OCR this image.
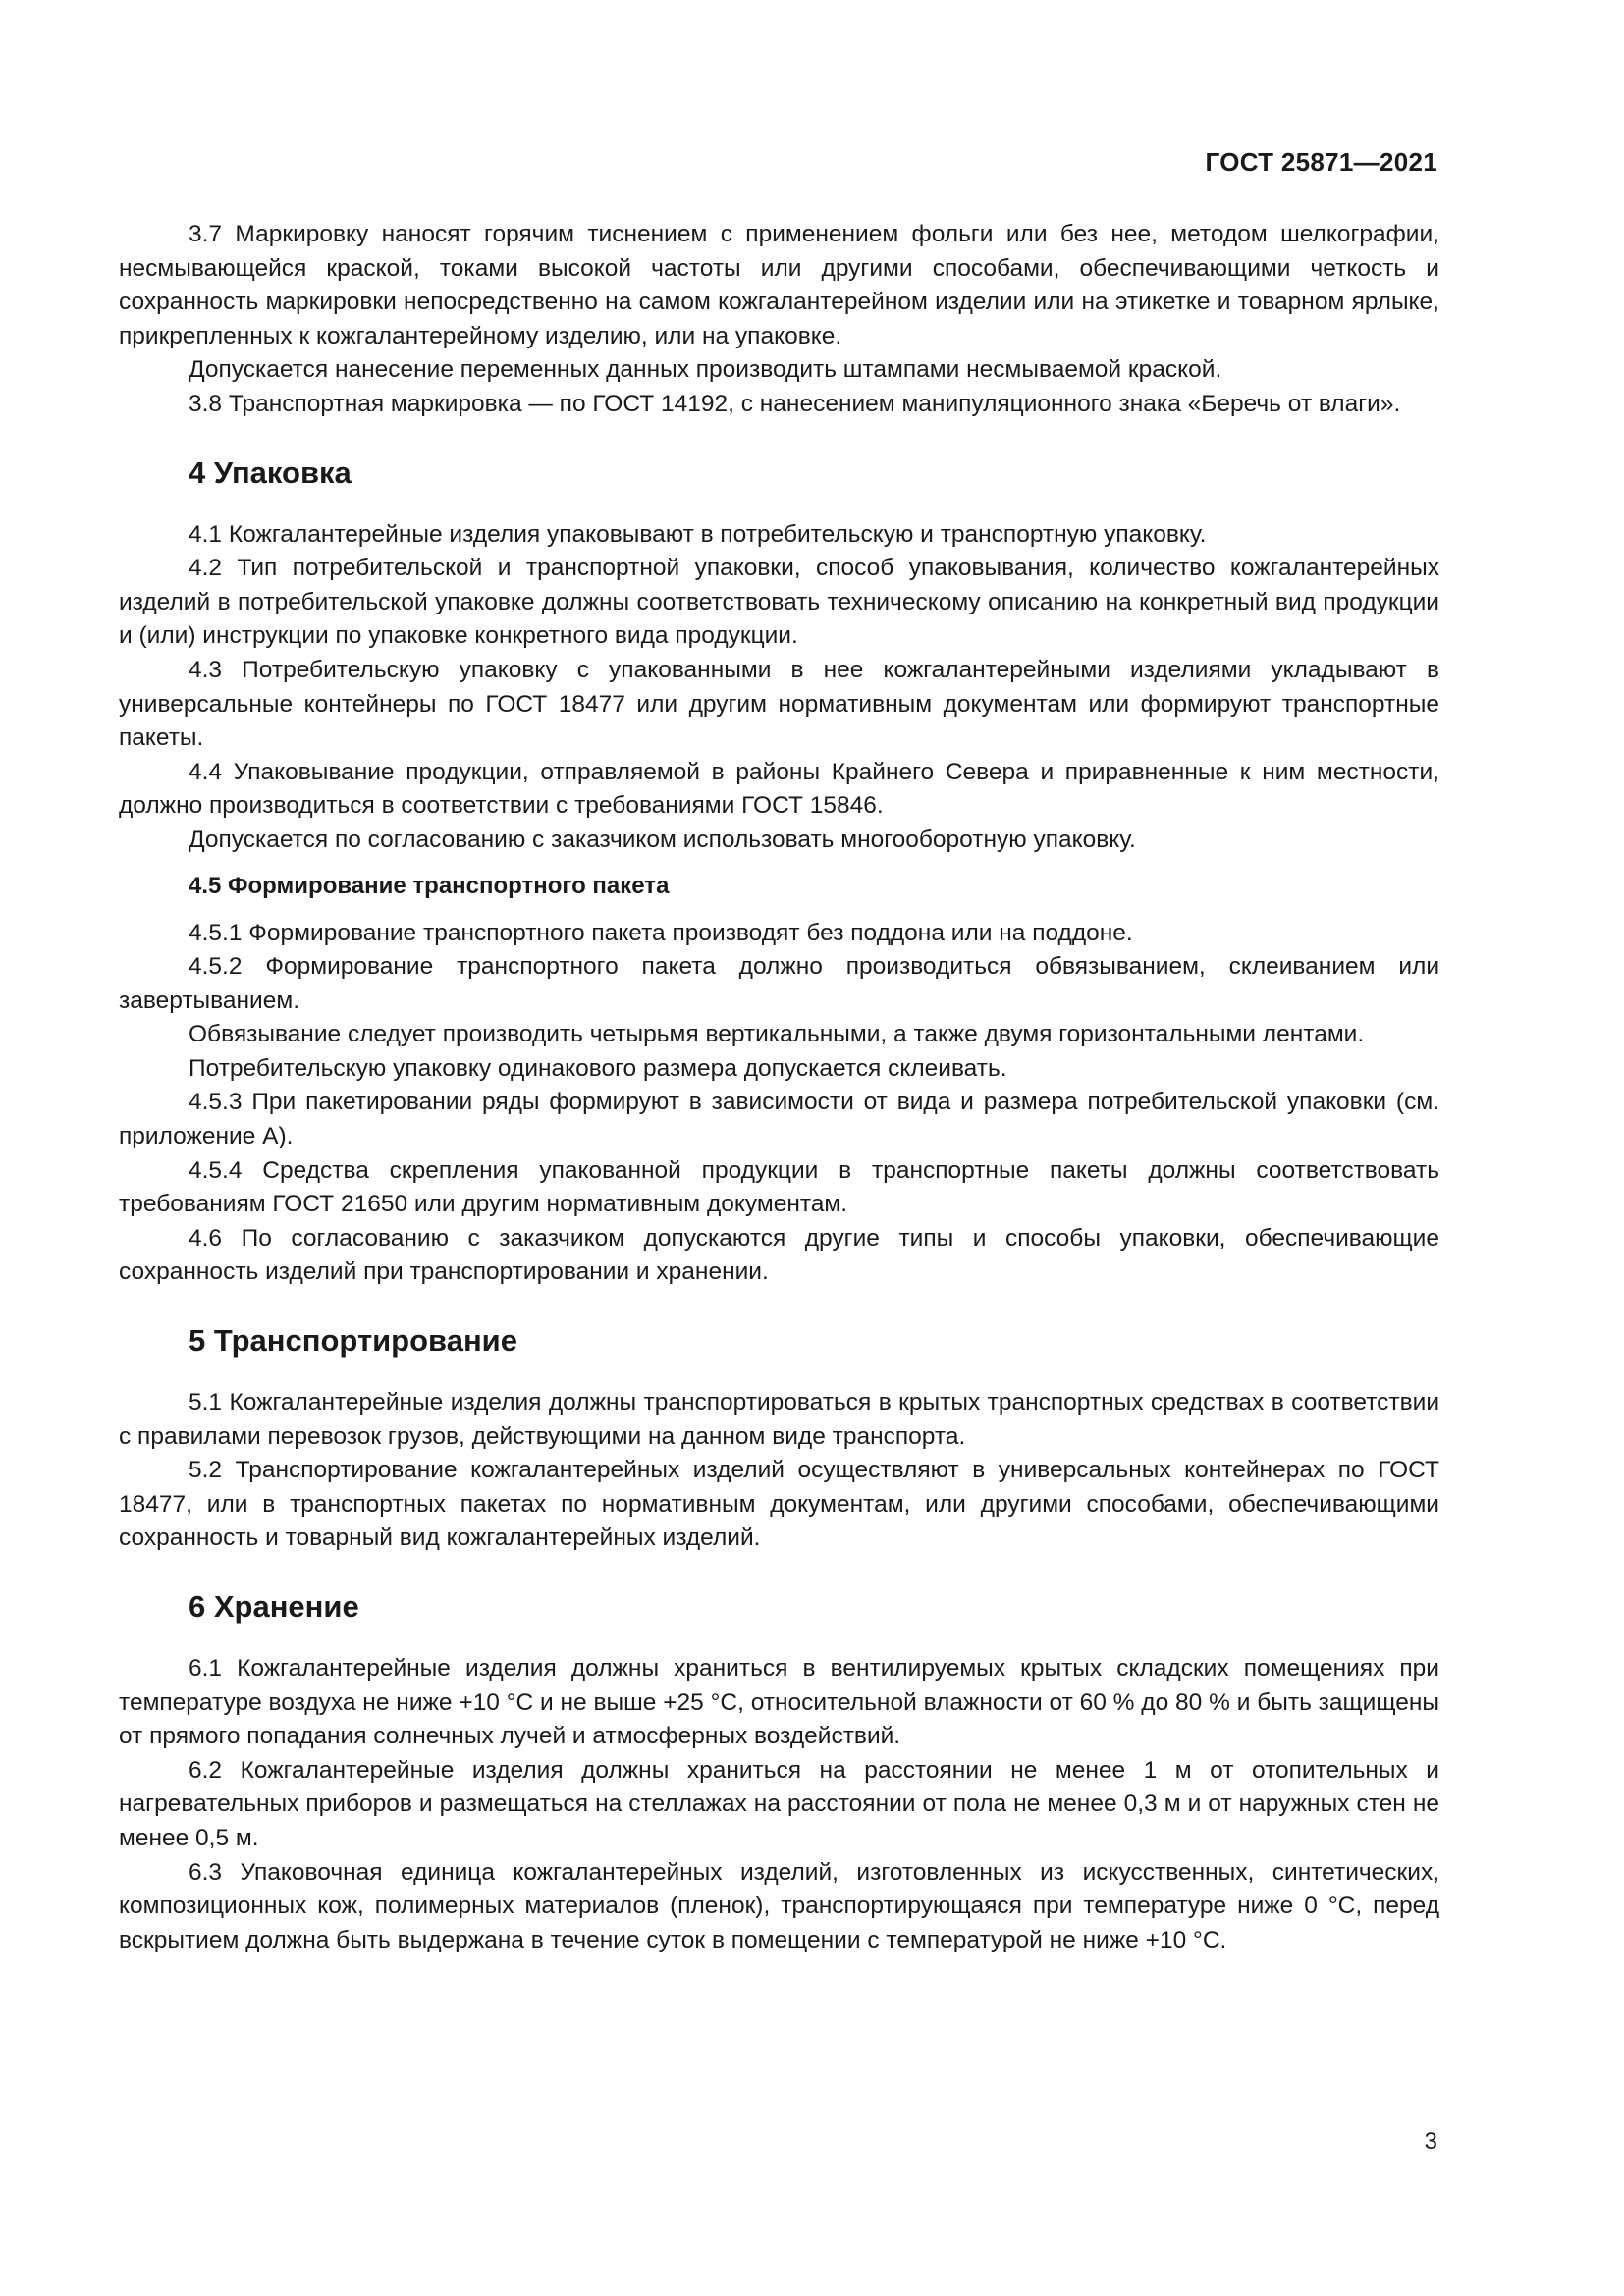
ГОСТ 25871—2021

3.7 Маркировку наносят горячим тиснением с применением фольги или без нее, методом шелкографии, несмывающейся краской, токами высокой частоты или другими способами, обеспечивающими четкость и сохранность маркировки непосредственно на самом кожгалантерейном изделии или на этикетке и товарном ярлыке, прикрепленных к кожгалантерейному изделию, или на упаковке.

Допускается нанесение переменных данных производить штампами несмываемой краской.

3.8 Транспортная маркировка — по ГОСТ 14192, с нанесением манипуляционного знака «Беречь от влаги».

4 Упаковка

4.1 Кожгалантерейные изделия упаковывают в потребительскую и транспортную упаковку.

4.2 Тип потребительской и транспортной упаковки, способ упаковывания, количество кожгалантерейных изделий в потребительской упаковке должны соответствовать техническому описанию на конкретный вид продукции и (или) инструкции по упаковке конкретного вида продукции.

4.3 Потребительскую упаковку с упакованными в нее кожгалантерейными изделиями укладывают в универсальные контейнеры по ГОСТ 18477 или другим нормативным документам или формируют транспортные пакеты.

4.4 Упаковывание продукции, отправляемой в районы Крайнего Севера и приравненные к ним местности, должно производиться в соответствии с требованиями ГОСТ 15846.

Допускается по согласованию с заказчиком использовать многооборотную упаковку.

4.5 Формирование транспортного пакета

4.5.1 Формирование транспортного пакета производят без поддона или на поддоне.

4.5.2 Формирование транспортного пакета должно производиться обвязыванием, склеиванием или завертыванием.

Обвязывание следует производить четырьмя вертикальными, а также двумя горизонтальными лентами.

Потребительскую упаковку одинакового размера допускается склеивать.

4.5.3 При пакетировании ряды формируют в зависимости от вида и размера потребительской упаковки (см. приложение А).

4.5.4 Средства скрепления упакованной продукции в транспортные пакеты должны соответствовать требованиям ГОСТ 21650 или другим нормативным документам.

4.6 По согласованию с заказчиком допускаются другие типы и способы упаковки, обеспечивающие сохранность изделий при транспортировании и хранении.

5 Транспортирование

5.1 Кожгалантерейные изделия должны транспортироваться в крытых транспортных средствах в соответствии с правилами перевозок грузов, действующими на данном виде транспорта.

5.2 Транспортирование кожгалантерейных изделий осуществляют в универсальных контейнерах по ГОСТ 18477, или в транспортных пакетах по нормативным документам, или другими способами, обеспечивающими сохранность и товарный вид кожгалантерейных изделий.

6 Хранение

6.1 Кожгалантерейные изделия должны храниться в вентилируемых крытых складских помещениях при температуре воздуха не ниже +10 °С и не выше +25 °С, относительной влажности от 60 % до 80 % и быть защищены от прямого попадания солнечных лучей и атмосферных воздействий.

6.2 Кожгалантерейные изделия должны храниться на расстоянии не менее 1 м от отопительных и нагревательных приборов и размещаться на стеллажах на расстоянии от пола не менее 0,3 м и от наружных стен не менее 0,5 м.

6.3 Упаковочная единица кожгалантерейных изделий, изготовленных из искусственных, синтетических, композиционных кож, полимерных материалов (пленок), транспортирующаяся при температуре ниже 0 °С, перед вскрытием должна быть выдержана в течение суток в помещении с температурой не ниже +10 °С.

3
